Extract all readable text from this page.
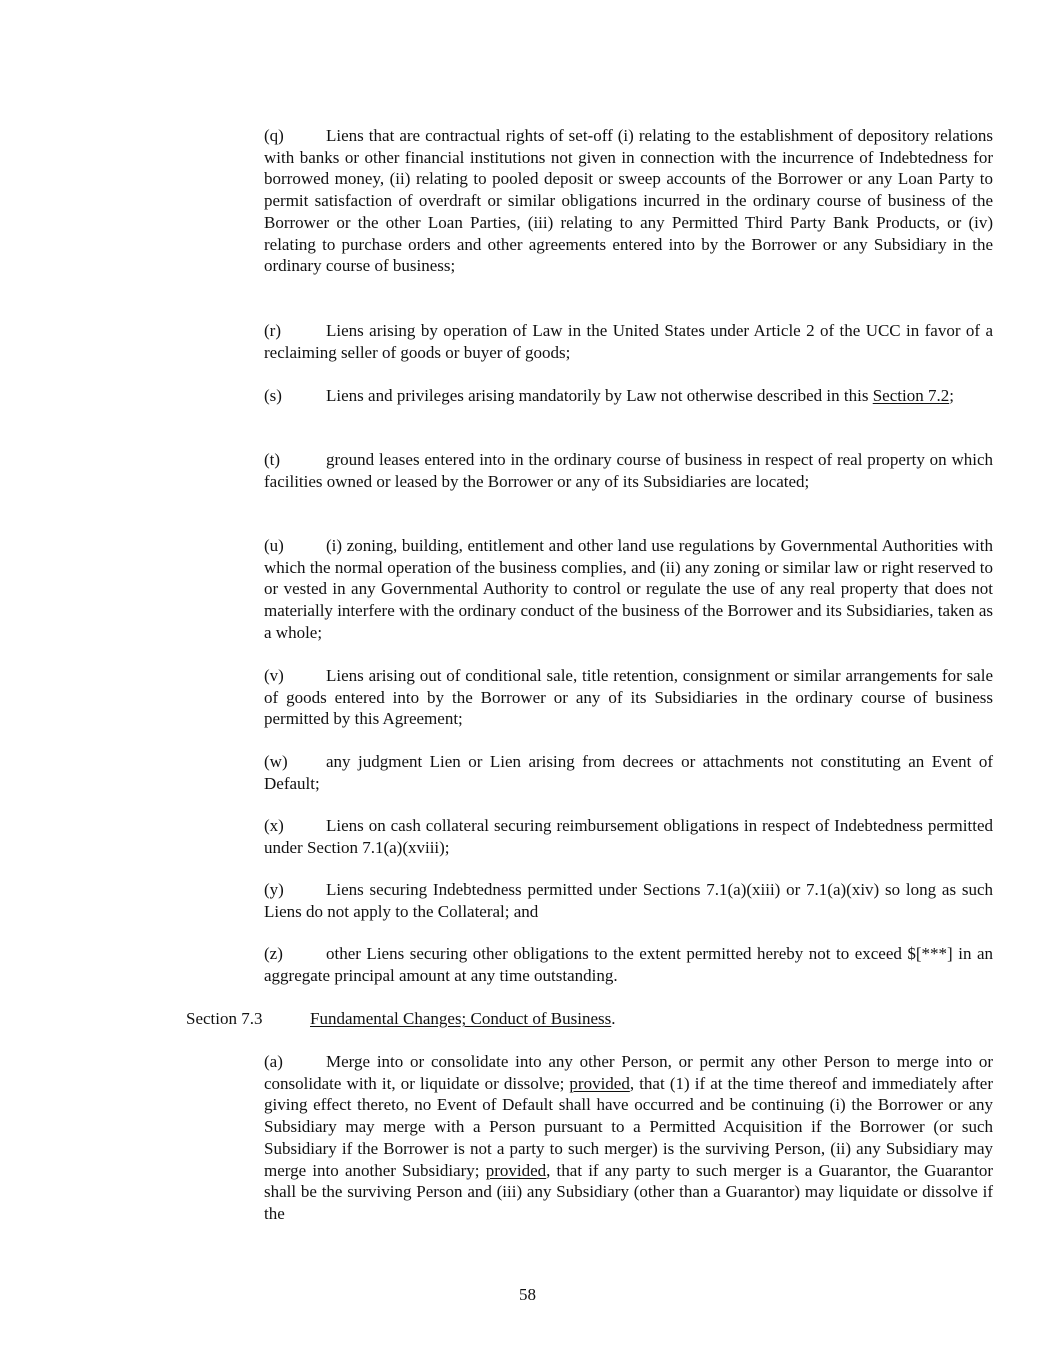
(q) Liens that are contractual rights of set-off (i) relating to the establishment of depository relations with banks or other financial institutions not given in connection with the incurrence of Indebtedness for borrowed money, (ii) relating to pooled deposit or sweep accounts of the Borrower or any Loan Party to permit satisfaction of overdraft or similar obligations incurred in the ordinary course of business of the Borrower or the other Loan Parties, (iii) relating to any Permitted Third Party Bank Products, or (iv) relating to purchase orders and other agreements entered into by the Borrower or any Subsidiary in the ordinary course of business;

(r)	Liens arising by operation of Law in the United States under Article 2 of the UCC in favor of a reclaiming seller of goods or buyer of goods;

(s)	Liens and privileges arising mandatorily by Law not otherwise described in this Section 7.2;

(t)	ground leases entered into in the ordinary course of business in respect of real property on which facilities owned or leased by the Borrower or any of its Subsidiaries are located;

(u) (i) zoning, building, entitlement and other land use regulations by Governmental Authorities with which the normal operation of the business complies, and (ii) any zoning or similar law or right reserved to or vested in any Governmental Authority to control or regulate the use of any real property that does not materially interfere with the ordinary conduct of the business of the Borrower and its Subsidiaries, taken as a whole;

(v) Liens arising out of conditional sale, title retention, consignment or similar arrangements for sale of goods entered into by the Borrower or any of its Subsidiaries in the ordinary course of business permitted by this Agreement;

(w) any judgment Lien or Lien arising from decrees or attachments not constituting an Event of Default;

(x) Liens on cash collateral securing reimbursement obligations in respect of Indebtedness permitted under Section 7.1(a)(xviii);

(y) Liens securing Indebtedness permitted under Sections 7.1(a)(xiii) or 7.1(a)(xiv) so long as such Liens do not apply to the Collateral; and

(z)	other Liens securing other obligations to the extent permitted hereby not to exceed $[***] in an aggregate principal amount at any time outstanding.

Section 7.3	Fundamental Changes; Conduct of Business.

(a)	Merge into or consolidate into any other Person, or permit any other Person to merge into or consolidate with it, or liquidate or dissolve; provided, that (1) if at the time thereof and immediately after giving effect thereto, no Event of Default shall have occurred and be continuing (i) the Borrower or any Subsidiary may merge with a Person pursuant to a Permitted Acquisition if the Borrower (or such Subsidiary if the Borrower is not a party to such merger) is the surviving Person, (ii) any Subsidiary may merge into another Subsidiary; provided, that if any party to such merger is a Guarantor, the Guarantor shall be the surviving Person and (iii) any Subsidiary (other than a Guarantor) may liquidate or dissolve if the

58
